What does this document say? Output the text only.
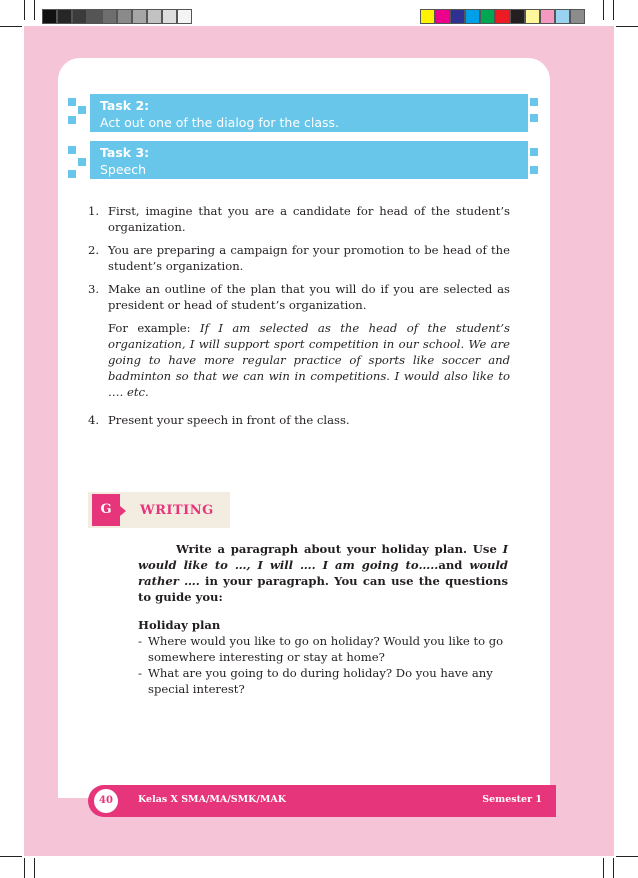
Task 2:
Act out one of the dialog for the class.
Task 3:
Speech
1. First, imagine that you are a candidate for head of the student’s organization.
2. You are preparing a campaign for your promotion to be head of the student’s organization.
3. Make an outline of the plan that you will do if you are selected as president or head of student’s organization.
For example: If I am selected as the head of the student’s organization, I will support sport competition in our school. We are going to have more regular practice of sports like soccer and badminton so that we can win in competitions. I would also like to …. etc.
4. Present your speech in front of the class.
G	WRITING

Write a paragraph about your holiday plan. Use I would like to …, I will …. I am going to…..and would rather …. in your paragraph. You can use the questions to guide you:

Holiday plan
- Where would you like to go on holiday? Would you like to go somewhere interesting or stay at home?
- What are you going to do during holiday? Do you have any special interest?
40	Kelas X SMA/MA/SMK/MAK	Semester 1
